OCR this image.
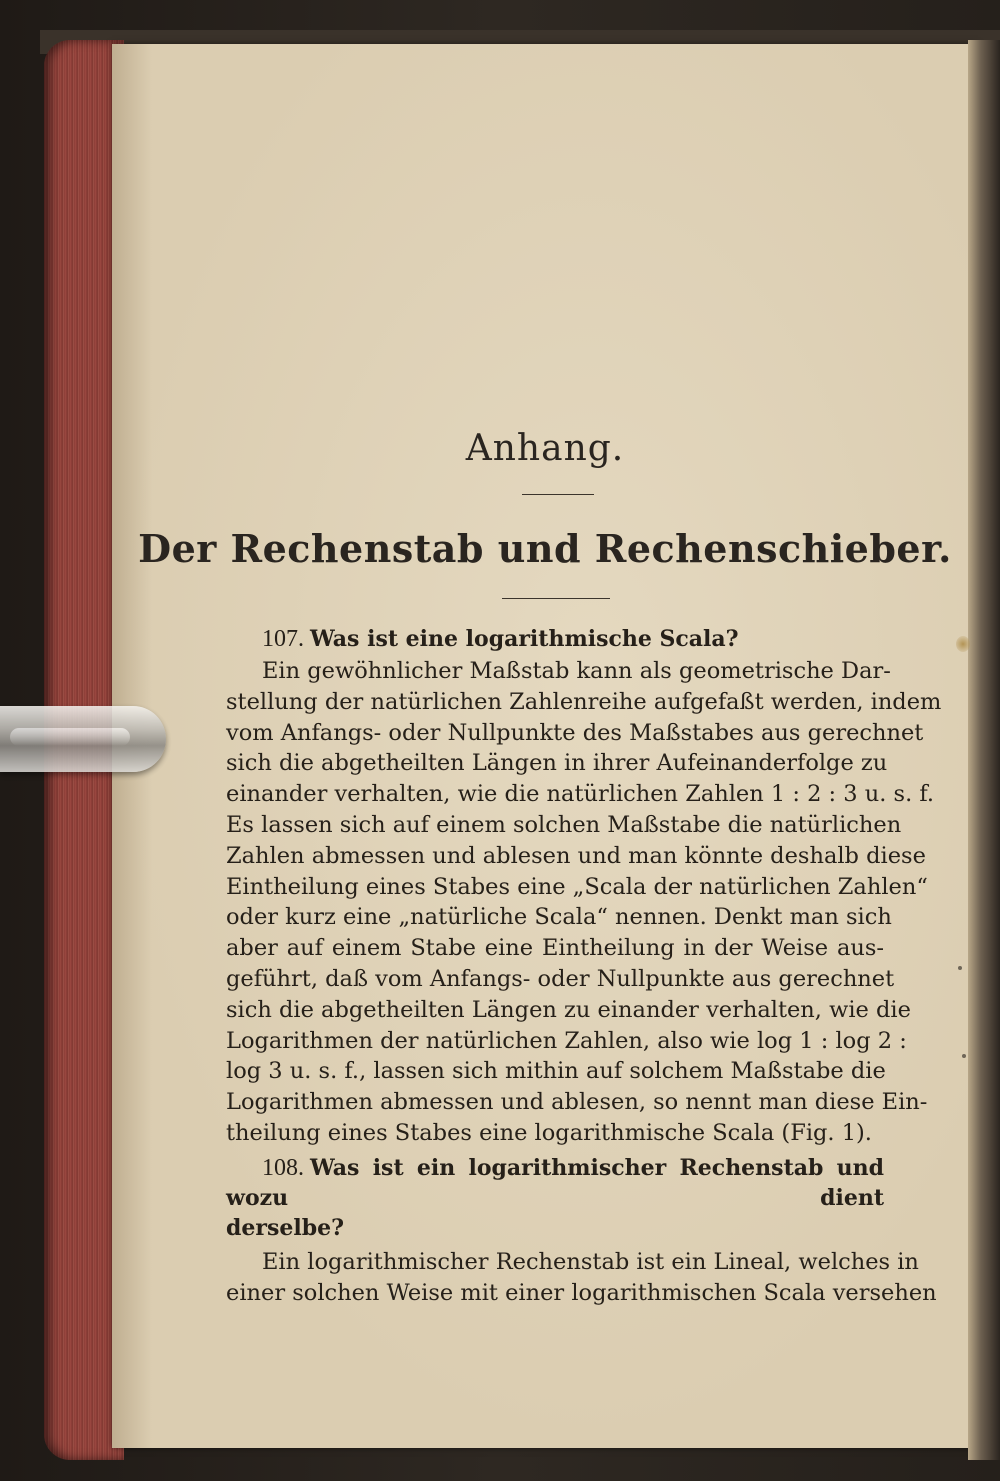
Anhang.
Der Rechenstab und Rechenschieber.

107. Was ist eine logarithmische Scala?

Ein gewöhnlicher Maßstab kann als geometrische Dar-
stellung der natürlichen Zahlenreihe aufgefaßt werden, indem
vom Anfangs- oder Nullpunkte des Maßstabes aus gerechnet
sich die abgetheilten Längen in ihrer Aufeinanderfolge zu
einander verhalten, wie die natürlichen Zahlen 1 : 2 : 3 u. s. f.
Es lassen sich auf einem solchen Maßstabe die natürlichen
Zahlen abmessen und ablesen und man könnte deshalb diese
Eintheilung eines Stabes eine „Scala der natürlichen Zahlen“
oder kurz eine „natürliche Scala“ nennen. Denkt man sich
aber auf einem Stabe eine Eintheilung in der Weise aus-
geführt, daß vom Anfangs- oder Nullpunkte aus gerechnet
sich die abgetheilten Längen zu einander verhalten, wie die
Logarithmen der natürlichen Zahlen, also wie log 1 : log 2 :
log 3 u. s. f., lassen sich mithin auf solchem Maßstabe die
Logarithmen abmessen und ablesen, so nennt man diese Ein-
theilung eines Stabes eine logarithmische Scala (Fig. 1).
108. Was ist ein logarithmischer Rechenstab und wozu dient
derselbe?
Ein logarithmischer Rechenstab ist ein Lineal, welches in
einer solchen Weise mit einer logarithmischen Scala versehen
